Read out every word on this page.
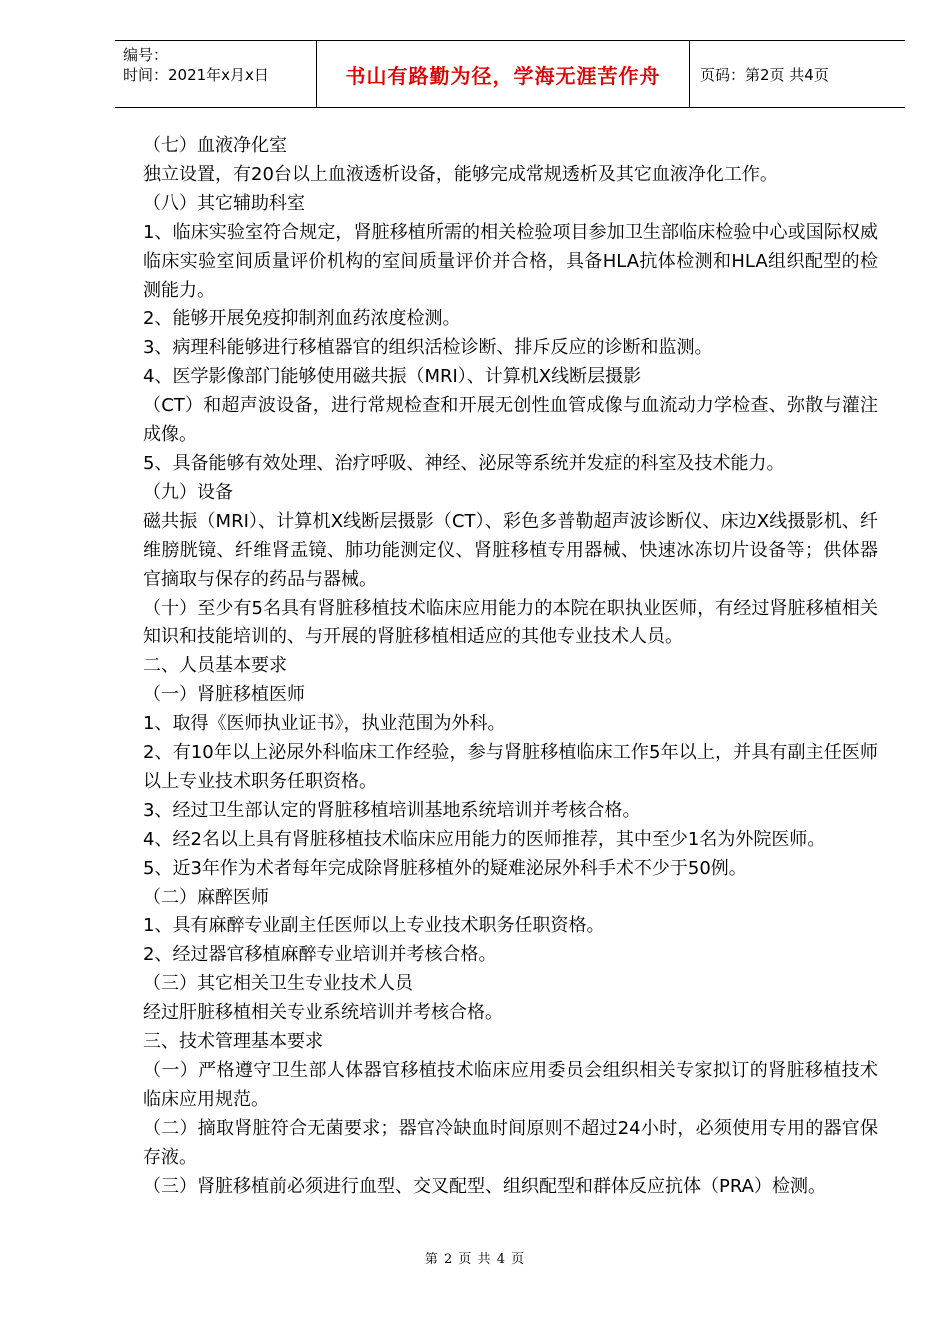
编号：
时间：2021年x月x日	书山有路勤为径，学海无涯苦作舟	页码：第2页 共4页

（七）血液净化室

独立设置，有20台以上血液透析设备，能够完成常规透析及其它血液净化工作。

（八）其它辅助科室

1、临床实验室符合规定，肾脏移植所需的相关检验项目参加卫生部临床检验中心或国际权威临床实验室间质量评价机构的室间质量评价并合格，具备HLA抗体检测和HLA组织配型的检测能力。

2、能够开展免疫抑制剂血药浓度检测。

3、病理科能够进行移植器官的组织活检诊断、排斥反应的诊断和监测。

4、医学影像部门能够使用磁共振（MRI）、计算机X线断层摄影

（CT）和超声波设备，进行常规检查和开展无创性血管成像与血流动力学检查、弥散与灌注成像。

5、具备能够有效处理、治疗呼吸、神经、泌尿等系统并发症的科室及技术能力。

（九）设备

磁共振（MRI）、计算机X线断层摄影（CT）、彩色多普勒超声波诊断仪、床边X线摄影机、纤维膀胱镜、纤维肾盂镜、肺功能测定仪、肾脏移植专用器械、快速冰冻切片设备等；供体器官摘取与保存的药品与器械。

（十）至少有5名具有肾脏移植技术临床应用能力的本院在职执业医师，有经过肾脏移植相关知识和技能培训的、与开展的肾脏移植相适应的其他专业技术人员。

二、人员基本要求

（一）肾脏移植医师

1、取得《医师执业证书》，执业范围为外科。

2、有10年以上泌尿外科临床工作经验，参与肾脏移植临床工作5年以上，并具有副主任医师以上专业技术职务任职资格。

3、经过卫生部认定的肾脏移植培训基地系统培训并考核合格。

4、经2名以上具有肾脏移植技术临床应用能力的医师推荐，其中至少1名为外院医师。

5、近3年作为术者每年完成除肾脏移植外的疑难泌尿外科手术不少于50例。

（二）麻醉医师

1、具有麻醉专业副主任医师以上专业技术职务任职资格。

2、经过器官移植麻醉专业培训并考核合格。

（三）其它相关卫生专业技术人员

经过肝脏移植相关专业系统培训并考核合格。

三、技术管理基本要求

（一）严格遵守卫生部人体器官移植技术临床应用委员会组织相关专家拟订的肾脏移植技术临床应用规范。

（二）摘取肾脏符合无菌要求；器官冷缺血时间原则不超过24小时，必须使用专用的器官保存液。

（三）肾脏移植前必须进行血型、交叉配型、组织配型和群体反应抗体（PRA）检测。

第 2 页 共 4 页
